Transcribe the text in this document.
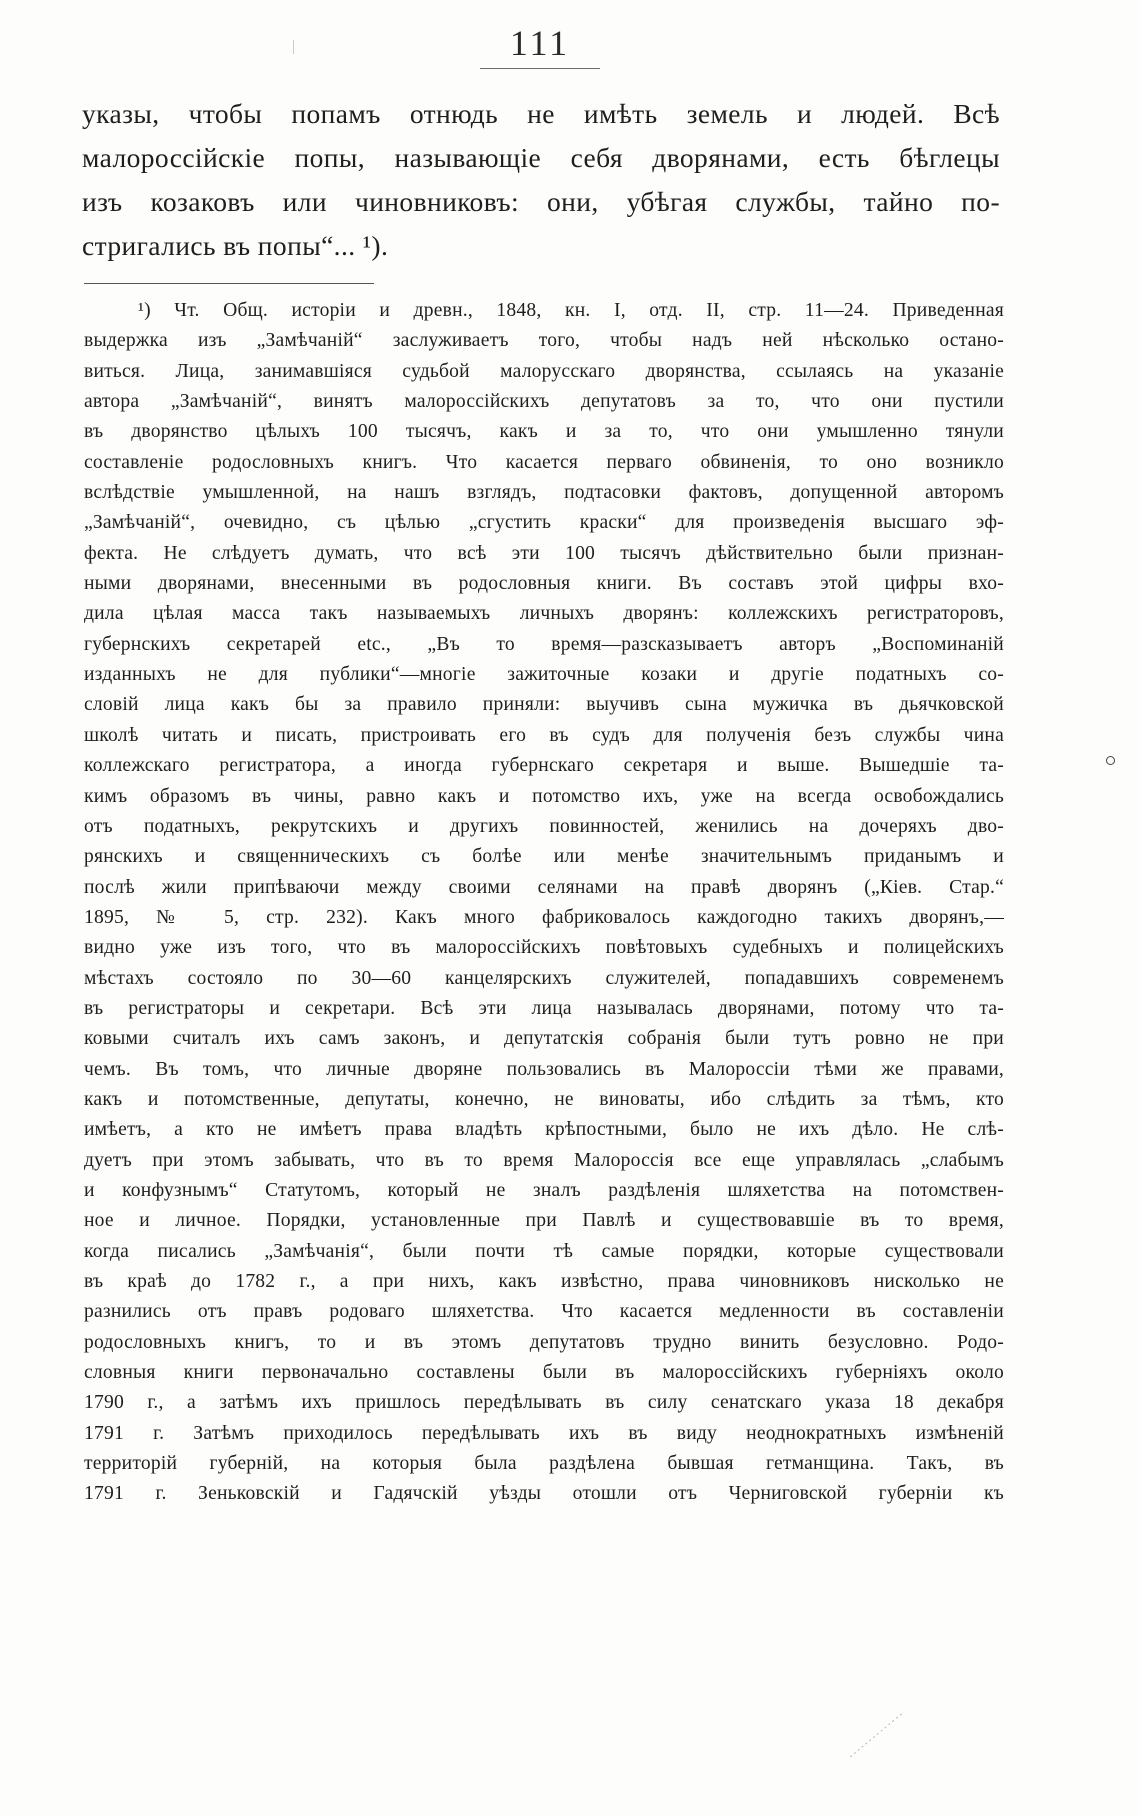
111
указы, чтобы попамъ отнюдь не имѣть земель и людей. Всѣ
малороссійскіе попы, называющіе себя дворянами, есть бѣглецы
изъ козаковъ или чиновниковъ: они, убѣгая службы, тайно по-
стригались въ попы“... ¹).
¹) Чт. Общ. исторіи и древн., 1848, кн. I, отд. II, стр. 11—24. Приведенная
выдержка изъ „Замѣчаній“ заслуживаетъ того, чтобы надъ ней нѣсколько остано-
виться. Лица, занимавшіяся судьбой малорусскаго дворянства, ссылаясь на указаніе
автора „Замѣчаній“, винятъ малороссійскихъ депутатовъ за то, что они пустили
въ дворянство цѣлыхъ 100 тысячъ, какъ и за то, что они умышленно тянули
составленіе родословныхъ книгъ. Что касается перваго обвиненія, то оно возникло
вслѣдствіе умышленной, на нашъ взглядъ, подтасовки фактовъ, допущенной авторомъ
„Замѣчаній“, очевидно, съ цѣлью „сгустить краски“ для произведенія высшаго эф-
фекта. Не слѣдуетъ думать, что всѣ эти 100 тысячъ дѣйствительно были признан-
ными дворянами, внесенными въ родословныя книги. Въ составъ этой цифры вхо-
дила цѣлая масса такъ называемыхъ личныхъ дворянъ: коллежскихъ регистраторовъ,
губернскихъ секретарей etc., „Въ то время—разсказываетъ авторъ „Воспоминаній
изданныхъ не для публики“—многіе зажиточные козаки и другіе податныхъ со-
словій лица какъ бы за правило приняли: выучивъ сына мужичка въ дьячковской
школѣ читать и писать, пристроивать его въ судъ для полученія безъ службы чина
коллежскаго регистратора, а иногда губернскаго секретаря и выше. Вышедшіе та-
кимъ образомъ въ чины, равно какъ и потомство ихъ, уже на всегда освобождались
отъ податныхъ, рекрутскихъ и другихъ повинностей, женились на дочеряхъ дво-
рянскихъ и священническихъ съ болѣе или менѣе значительнымъ приданымъ и
послѣ жили припѣваючи между своими селянами на правѣ дворянъ („Кіев. Стар.“
1895, № 5, стр. 232). Какъ много фабриковалось каждогодно такихъ дворянъ,—
видно уже изъ того, что въ малороссійскихъ повѣтовыхъ судебныхъ и полицейскихъ
мѣстахъ состояло по 30—60 канцелярскихъ служителей, попадавшихъ современемъ
въ регистраторы и секретари. Всѣ эти лица называлась дворянами, потому что та-
ковыми считалъ ихъ самъ законъ, и депутатскія собранія были тутъ ровно не при
чемъ. Въ томъ, что личные дворяне пользовались въ Малороссіи тѣми же правами,
какъ и потомственные, депутаты, конечно, не виноваты, ибо слѣдить за тѣмъ, кто
имѣетъ, а кто не имѣетъ права владѣть крѣпостными, было не ихъ дѣло. Не слѣ-
дуетъ при этомъ забывать, что въ то время Малороссія все еще управлялась „слабымъ
и конфузнымъ“ Статутомъ, который не зналъ раздѣленія шляхетства на потомствен-
ное и личное. Порядки, установленные при Павлѣ и существовавшіе въ то время,
когда писались „Замѣчанія“, были почти тѣ самые порядки, которые существовали
въ краѣ до 1782 г., а при нихъ, какъ извѣстно, права чиновниковъ нисколько не
разнились отъ правъ родоваго шляхетства. Что касается медленности въ составленіи
родословныхъ книгъ, то и въ этомъ депутатовъ трудно винить безусловно. Родо-
словныя книги первоначально составлены были въ малороссійскихъ губерніяхъ около
1790 г., а затѣмъ ихъ пришлось передѣлывать въ силу сенатскаго указа 18 декабря
1791 г. Затѣмъ приходилось передѣлывать ихъ въ виду неоднократныхъ измѣненій
территорій губерній, на которыя была раздѣлена бывшая гетманщина. Такъ, въ
1791 г. Зеньковскій и Гадячскій уѣзды отошли отъ Черниговской губерніи къ
